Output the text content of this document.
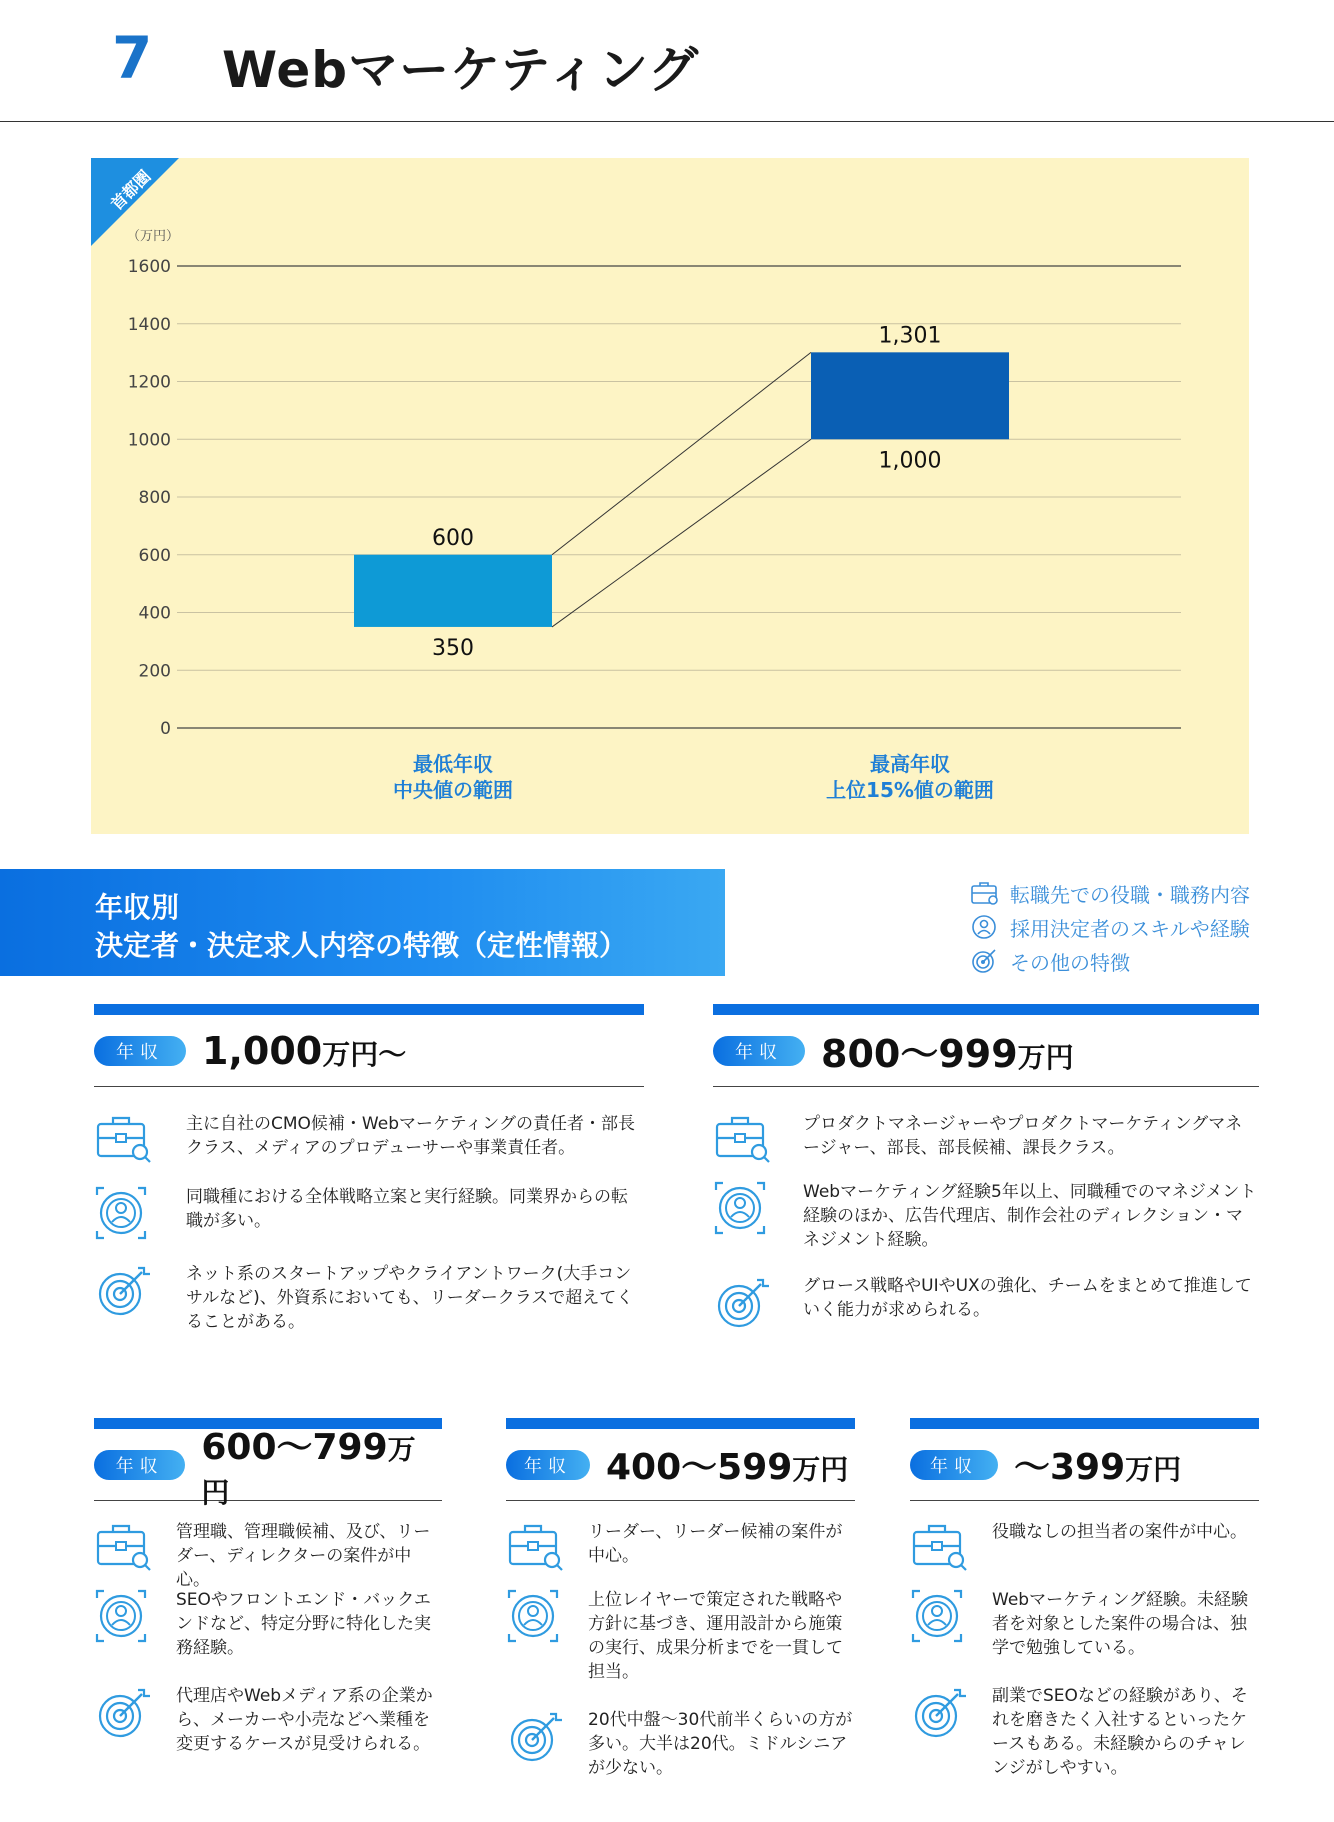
7 Webマーケティング
（万円）
1600
1400
1200
1000
800
600
400
200
0
600
350
最低年収
中央値の範囲
1,301
1,000
最高年収
上位15%値の範囲
首都圏
年収別
決定者・決定求人内容の特徴（定性情報）
転職先での役職・職務内容
採用決定者のスキルや経験
その他の特徴
年収	1,000万円～
主に自社のCMO候補・Webマーケティングの責任者・部長クラス、メディアのプロデューサーや事業責任者。
同職種における全体戦略立案と実行経験。同業界からの転職が多い。
ネット系のスタートアップやクライアントワーク(大手コンサルなど)、外資系においても、リーダークラスで超えてくることがある。
年収	800～999万円
プロダクトマネージャーやプロダクトマーケティングマネージャー、部長、部長候補、課長クラス。
Webマーケティング経験5年以上、同職種でのマネジメント経験のほか、広告代理店、制作会社のディレクション・マネジメント経験。
グロース戦略やUIやUXの強化、チームをまとめて推進していく能力が求められる。
年収	600～799万円
管理職、管理職候補、及び、リーダー、ディレクターの案件が中心。
SEOやフロントエンド・バックエンドなど、特定分野に特化した実務経験。
代理店やWebメディア系の企業から、メーカーや小売などへ業種を変更するケースが見受けられる。
年収 400～599万円
リーダー、リーダー候補の案件が中心。
上位レイヤーで策定された戦略や方針に基づき、運用設計から施策の実行、成果分析までを一貫して担当。
20代中盤～30代前半くらいの方が多い。大半は20代。ミドルシニアが少ない。
年収	～399万円
役職なしの担当者の案件が中心。
Webマーケティング経験。未経験者を対象とした案件の場合は、独学で勉強している。
副業でSEOなどの経験があり、それを磨きたく入社するといったケースもある。未経験からのチャレンジがしやすい。
